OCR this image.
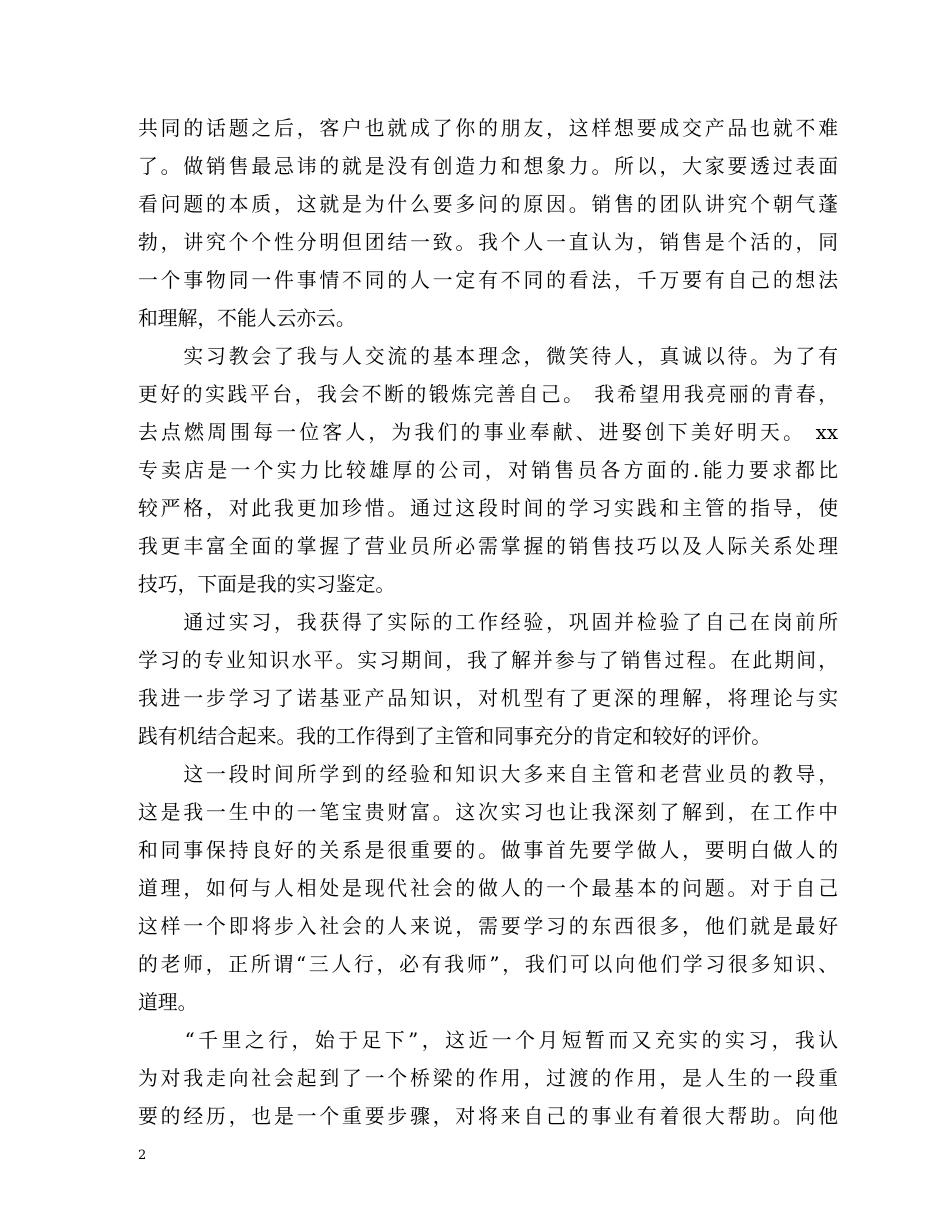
共同的话题之后，客户也就成了你的朋友，这样想要成交产品也就不难
了。做销售最忌讳的就是没有创造力和想象力。所以，大家要透过表面
看问题的本质，这就是为什么要多问的原因。销售的团队讲究个朝气蓬
勃，讲究个个性分明但团结一致。我个人一直认为，销售是个活的，同
一个事物同一件事情不同的人一定有不同的看法，千万要有自己的想法
和理解，不能人云亦云。
　　实习教会了我与人交流的基本理念，微笑待人，真诚以待。为了有
更好的实践平台，我会不断的锻炼完善自己。 我希望用我亮丽的青春，
去点燃周围每一位客人，为我们的事业奉献、进娶创下美好明天。 xx
专卖店是一个实力比较雄厚的公司，对销售员各方面的.能力要求都比
较严格，对此我更加珍惜。通过这段时间的学习实践和主管的指导，使
我更丰富全面的掌握了营业员所必需掌握的销售技巧以及人际关系处理
技巧，下面是我的实习鉴定。
　　通过实习，我获得了实际的工作经验，巩固并检验了自己在岗前所
学习的专业知识水平。实习期间，我了解并参与了销售过程。在此期间，
我进一步学习了诺基亚产品知识，对机型有了更深的理解，将理论与实
践有机结合起来。我的工作得到了主管和同事充分的肯定和较好的评价。
　　这一段时间所学到的经验和知识大多来自主管和老营业员的教导，
这是我一生中的一笔宝贵财富。这次实习也让我深刻了解到，在工作中
和同事保持良好的关系是很重要的。做事首先要学做人，要明白做人的
道理，如何与人相处是现代社会的做人的一个最基本的问题。对于自己
这样一个即将步入社会的人来说，需要学习的东西很多，他们就是最好
的老师，正所谓“三人行，必有我师”，我们可以向他们学习很多知识、
道理。
　　“千里之行，始于足下”，这近一个月短暂而又充实的实习，我认
为对我走向社会起到了一个桥梁的作用，过渡的作用，是人生的一段重
要的经历，也是一个重要步骤，对将来自己的事业有着很大帮助。向他
2
